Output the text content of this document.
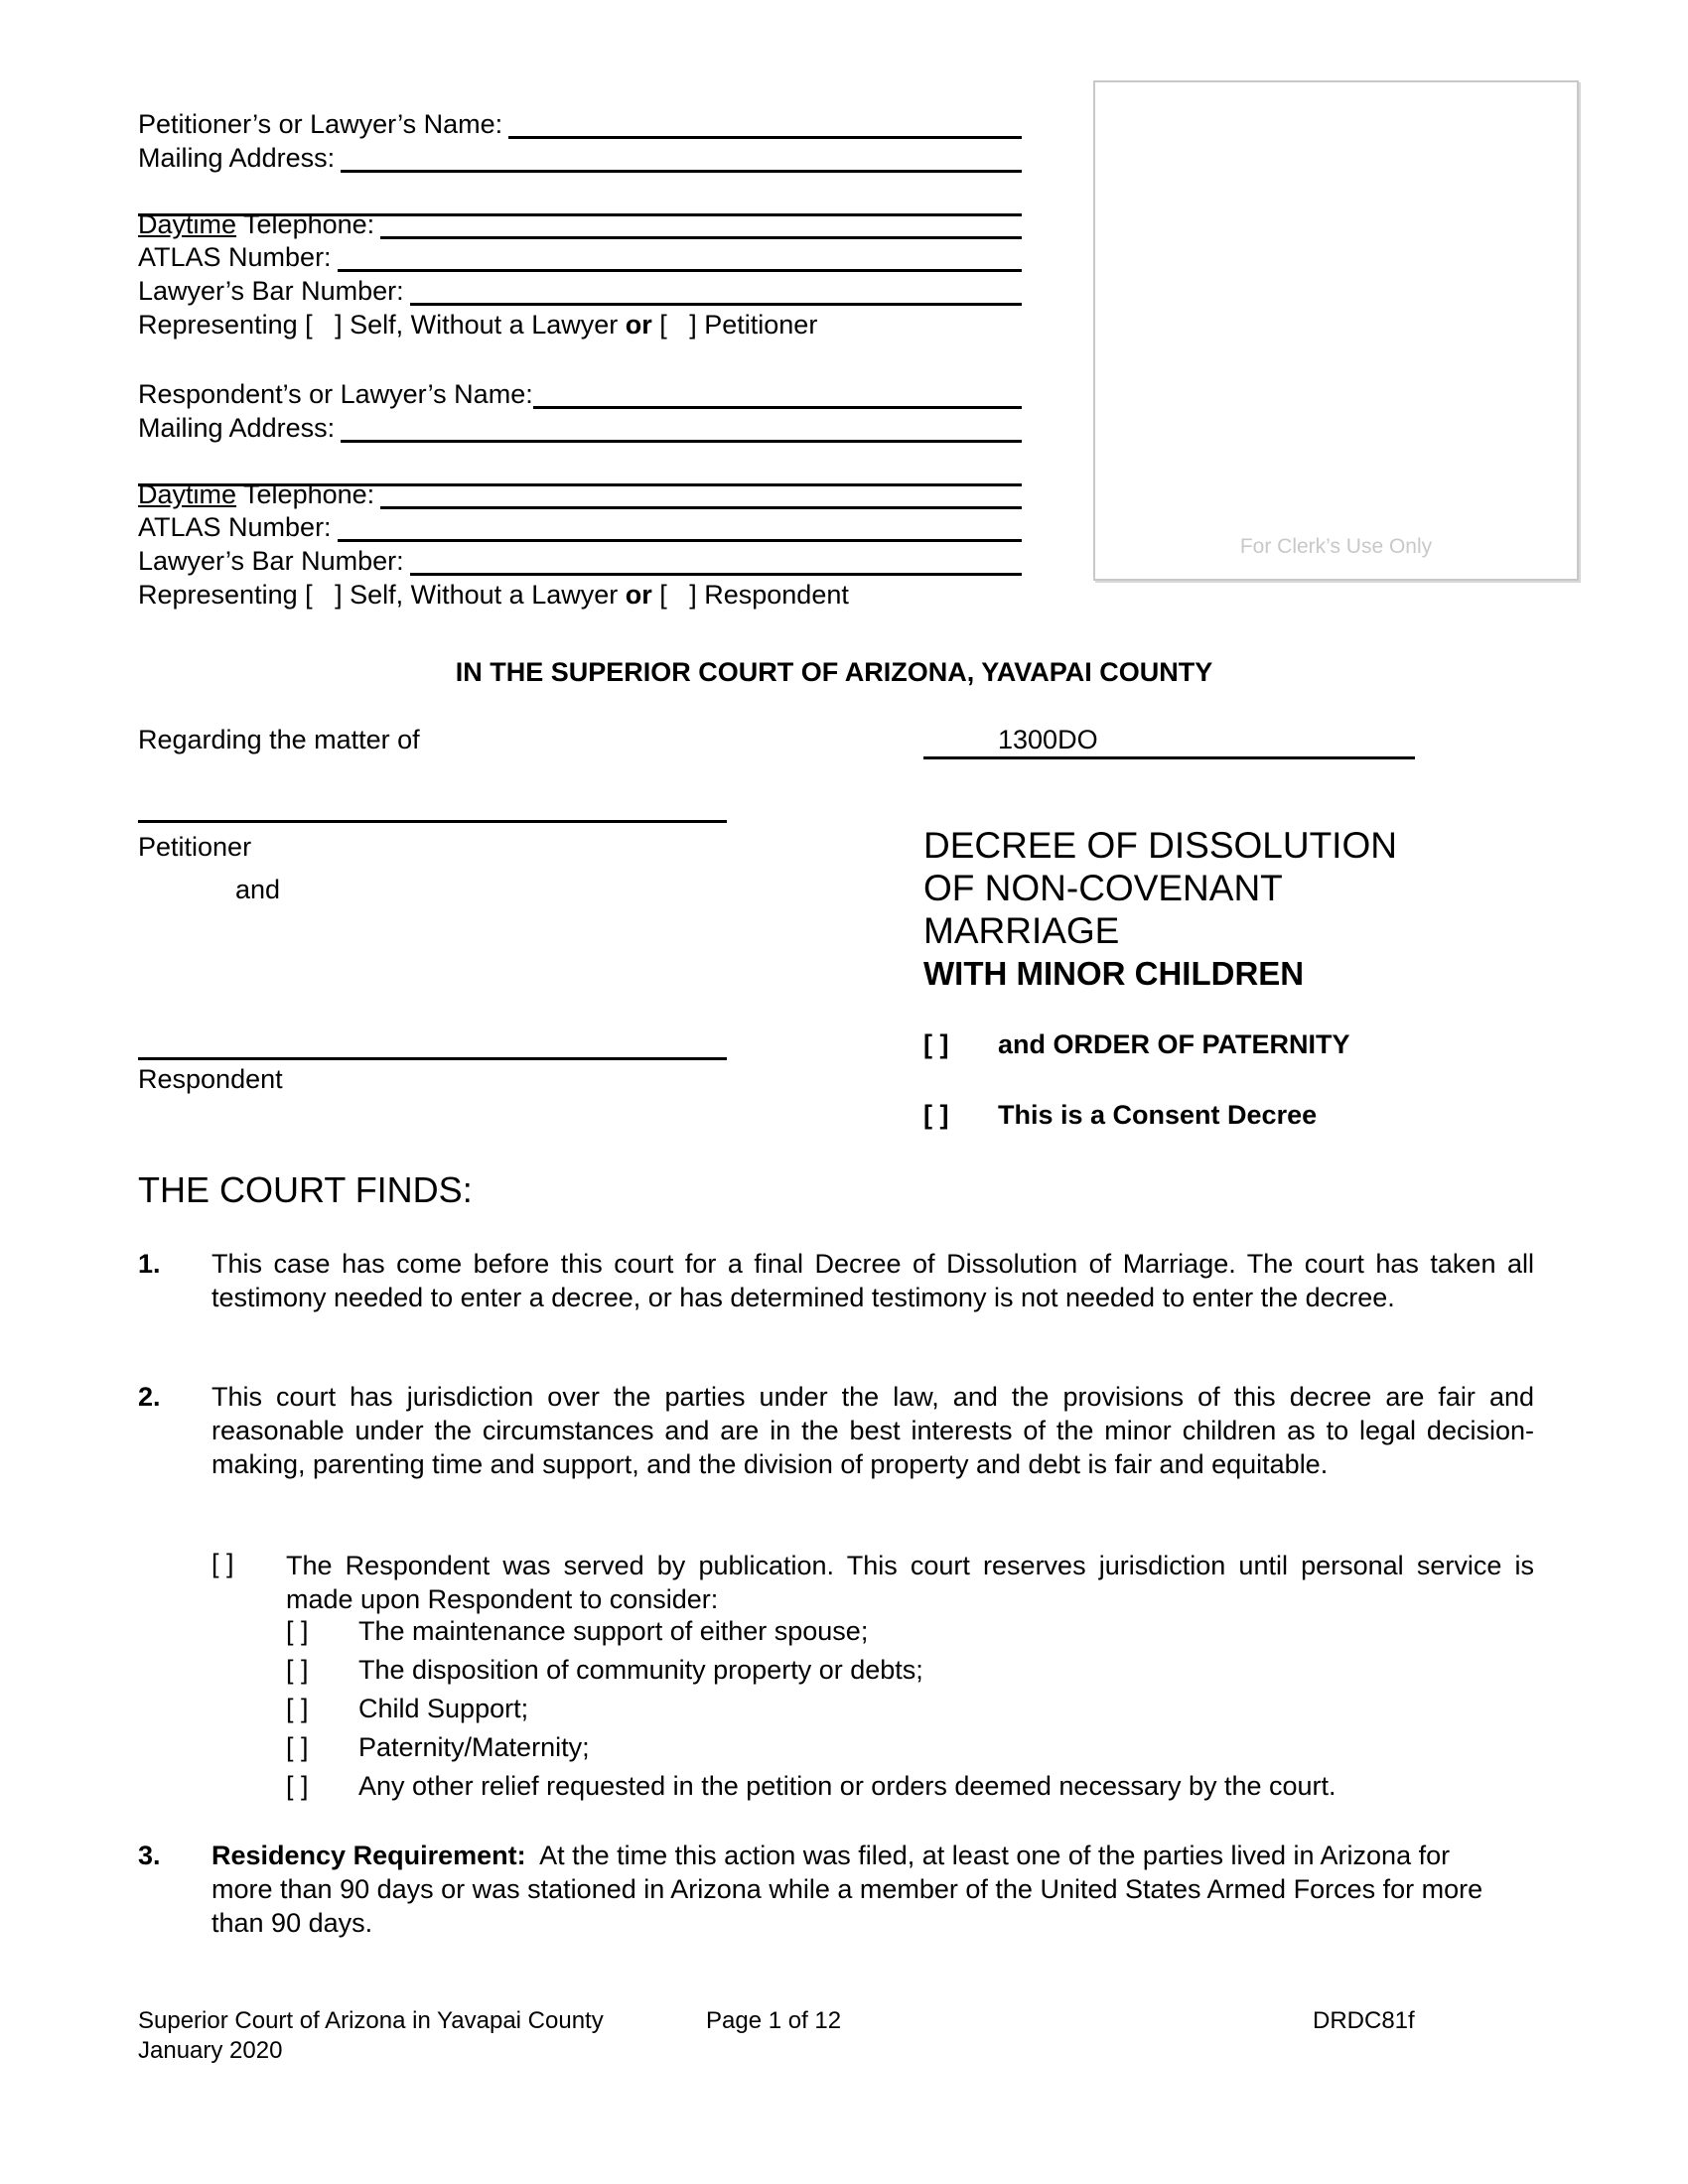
Petitioner’s or Lawyer’s Name:
Mailing Address:
Daytime Telephone:
ATLAS Number:
Lawyer’s Bar Number:
Representing [   ] Self, Without a Lawyer or [   ] Petitioner
Respondent’s or Lawyer’s Name:
Mailing Address:
Daytime Telephone:
ATLAS Number:
Lawyer’s Bar Number:
Representing [   ] Self, Without a Lawyer or [   ] Respondent
For Clerk’s Use Only
IN THE SUPERIOR COURT OF ARIZONA, YAVAPAI COUNTY
Regarding the matter of	1300DO
Petitioner
and
Respondent
DECREE OF DISSOLUTION
OF NON-COVENANT
MARRIAGE
WITH MINOR CHILDREN
[ ] and ORDER OF PATERNITY
[ ] This is a Consent Decree
THE COURT FINDS:
1. This case has come before this court for a final Decree of Dissolution of Marriage. The court has taken all testimony needed to enter a decree, or has determined testimony is not needed to enter the decree.
2. This court has jurisdiction over the parties under the law, and the provisions of this decree are fair and reasonable under the circumstances and are in the best interests of the minor children as to legal decision-making, parenting time and support, and the division of property and debt is fair and equitable.
[ ] The Respondent was served by publication. This court reserves jurisdiction until personal service is made upon Respondent to consider:
[ ] The maintenance support of either spouse;
[ ] The disposition of community property or debts;
[ ] Child Support;
[ ] Paternity/Maternity;
[ ] Any other relief requested in the petition or orders deemed necessary by the court.
3. Residency Requirement:  At the time this action was filed, at least one of the parties lived in Arizona for more than 90 days or was stationed in Arizona while a member of the United States Armed Forces for more than 90 days.
Superior Court of Arizona in Yavapai County
January 2020
Page 1 of 12	DRDC81f
